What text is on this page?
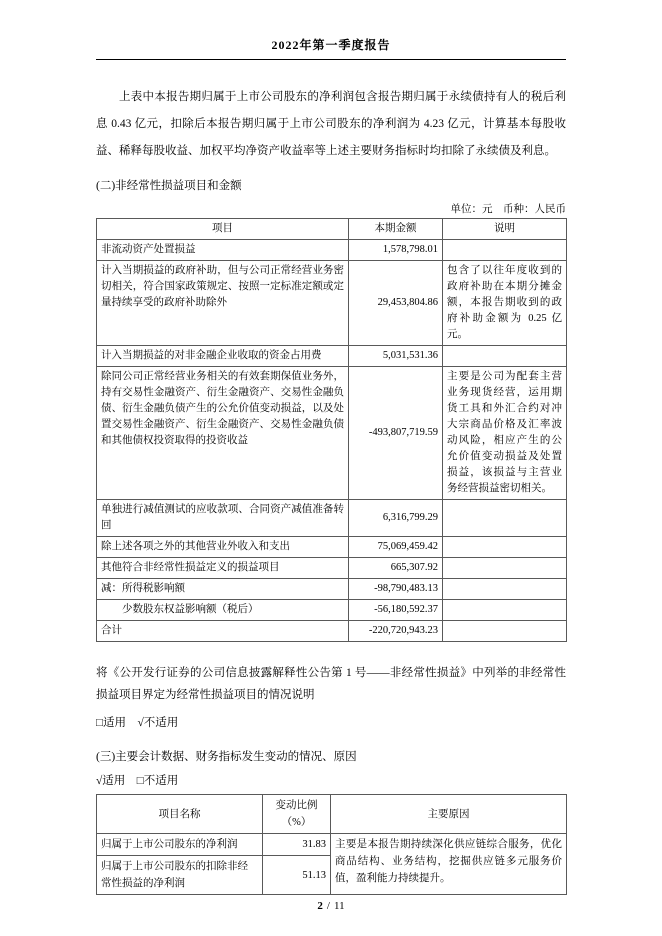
2022年第一季度报告

上表中本报告期归属于上市公司股东的净利润包含报告期归属于永续债持有人的税后利息 0.43 亿元，扣除后本报告期归属于上市公司股东的净利润为 4.23 亿元，计算基本每股收益、稀释每股收益、加权平均净资产收益率等上述主要财务指标时均扣除了永续债及利息。

(二)非经常性损益项目和金额

单位：元　币种：人民币
项目	本期金额	说明
非流动资产处置损益	1,578,798.01	
计入当期损益的政府补助，但与公司正常经营业务密切相关，符合国家政策规定、按照一定标准定额或定量持续享受的政府补助除外	29,453,804.86	包含了以往年度收到的政府补助在本期分摊金额，本报告期收到的政府补助金额为 0.25 亿元。
计入当期损益的对非金融企业收取的资金占用费	5,031,531.36	
除同公司正常经营业务相关的有效套期保值业务外，持有交易性金融资产、衍生金融资产、交易性金融负债、衍生金融负债产生的公允价值变动损益，以及处置交易性金融资产、衍生金融资产、交易性金融负债和其他债权投资取得的投资收益	-493,807,719.59	主要是公司为配套主营业务现货经营，运用期货工具和外汇合约对冲大宗商品价格及汇率波动风险，相应产生的公允价值变动损益及处置损益，该损益与主营业务经营损益密切相关。
单独进行减值测试的应收款项、合同资产减值准备转回	6,316,799.29	
除上述各项之外的其他营业外收入和支出	75,069,459.42	
其他符合非经常性损益定义的损益项目	665,307.92	
减：所得税影响额	-98,790,483.13	
　　少数股东权益影响额（税后）	-56,180,592.37	
合计	-220,720,943.23	

将《公开发行证券的公司信息披露解释性公告第 1 号——非经常性损益》中列举的非经常性损益项目界定为经常性损益项目的情况说明

□适用　√不适用

(三)主要会计数据、财务指标发生变动的情况、原因

√适用　□不适用

项目名称	变动比例（%）	主要原因
归属于上市公司股东的净利润	31.83	主要是本报告期持续深化供应链综合服务，优化商品结构、业务结构，挖掘供应链多元服务价值，盈利能力持续提升。
归属于上市公司股东的扣除非经常性损益的净利润	51.13	
2 / 11
